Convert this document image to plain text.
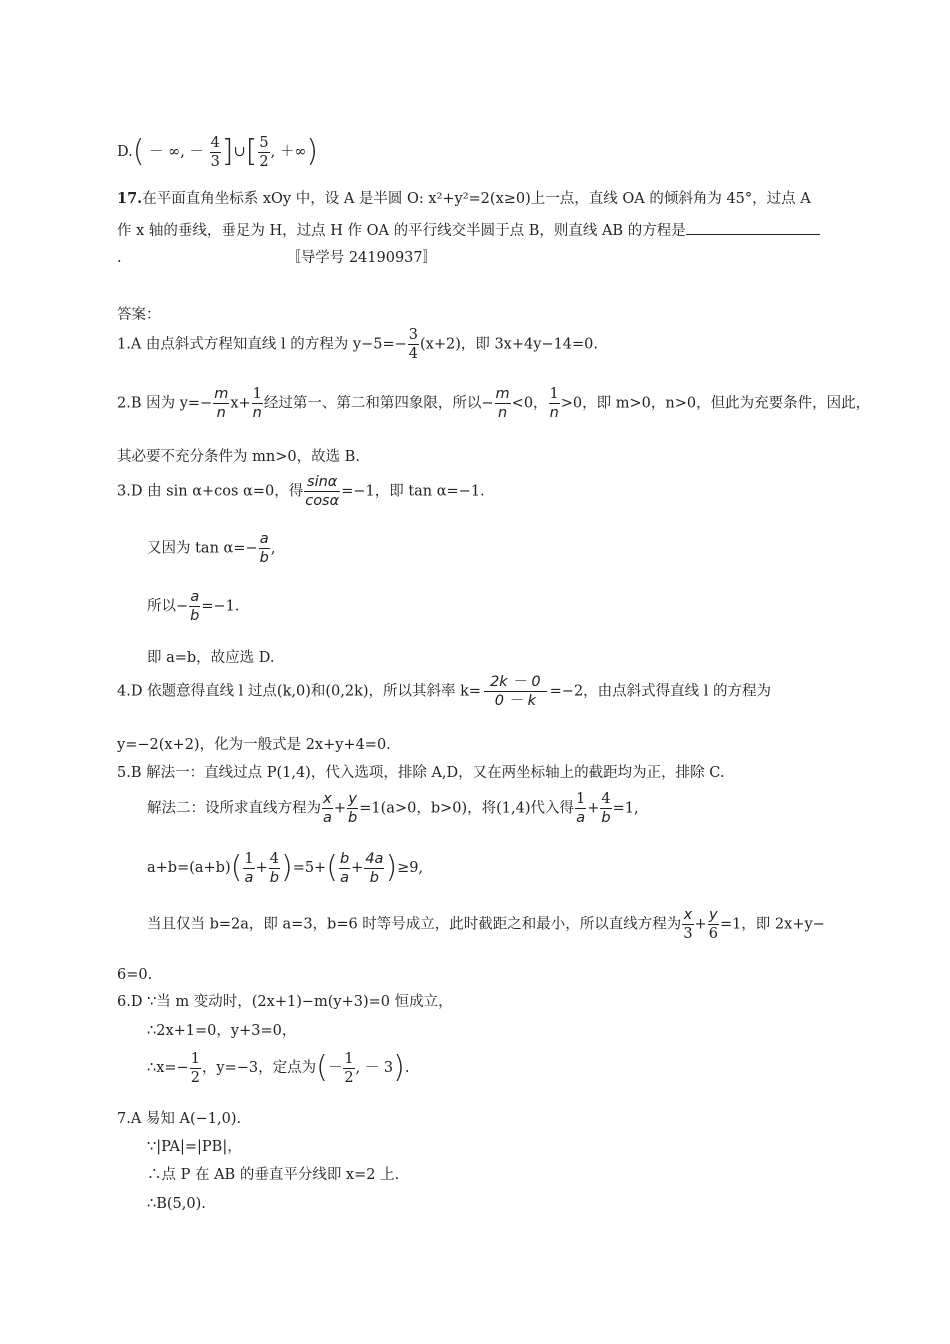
D.( － ∞, － $\frac{4}{3}$ ]∪[ $\frac{5}{2}$ , ＋∞)
17.在平面直角坐标系 xOy 中，设 A 是半圆 O: x²+y²=2(x≥0)上一点，直线 OA 的倾斜角为 45°，过点 A
作 x 轴的垂线，垂足为 H，过点 H 作 OA 的平行线交半圆于点 B，则直线 AB 的方程是
.	〚导学号 24190937〛
答案：
1.A 由点斜式方程知直线 l 的方程为 $y-5=- \frac{3}{4} (x+2)$，即 3x+4y−14=0.
2.B 因为 $y=- \frac{m}{n} x+ \frac{1}{n}$ 经过第一、第二和第四象限，所以− $\frac{m}{n} <0$， $\frac{1}{n} >0$，即 m>0，n>0，但此为充要条件，因此，
其必要不充分条件为 mn>0，故选 B.
3.D 由 sin α+cos α=0，得 $\frac{\sin\alpha}{\cos\alpha} =-1$，即 tan α=−1.
又因为 $\tan \alpha=- \frac{a}{b}$ ,
所以− $\frac{a}{b} =-1$.
即 a=b，故应选 D.
4.D 依题意得直线 l 过点(k,0)和(0,2k)，所以其斜率 $k= \frac{2k - 0}{0 - k} =-2$，由点斜式得直线 l 的方程为
y=−2(x+2)，化为一般式是 2x+y+4=0.
5.B 解法一：直线过点 P(1,4)，代入选项，排除 A,D，又在两坐标轴上的截距均为正，排除 C.
解法二：设所求直线方程为 $\frac{x}{a} + \frac{y}{b} =1(a>0$，b>0)，将(1,4)代入得 $\frac{1}{a} + \frac{4}{b} =1$,
$a+b=(a+b)( \frac{1}{a} + \frac{4}{b} )=5+( \frac{b}{a} + \frac{4a}{b} )\ge 9$,
当且仅当 b=2a，即 a=3，b=6 时等号成立，此时截距之和最小，所以直线方程为 $\frac{x}{3} + \frac{y}{6} =1$，即 2x+y−
6=0.
6.D ∵当 m 变动时，(2x+1)−m(y+3)=0 恒成立，
∴2x+1=0，y+3=0，
∴x=− $\frac{1}{2}$ ，y=−3，定点为(－ $\frac{1}{2}$ , － 3).
7.A 易知 A(−1,0).
∵|PA|=|PB|，
∴点 P 在 AB 的垂直平分线即 x=2 上.
∴B(5,0).
